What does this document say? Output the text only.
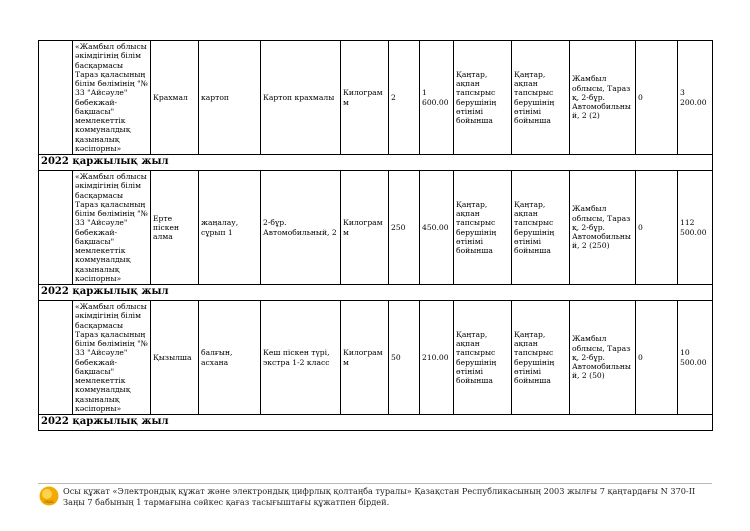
	«Жамбыл облысы әкімдігінің білім басқармасы Тараз қаласының білім бөлімінің "№ 33 "Айсәуле" бөбекжай-бақшасы" мемлекеттік коммуналдық қазыналық кәсіпорны»	Крахмал	картоп	Картоп крахмалы	Килограмм	2	1 600.00	Қаңтар, ақпан тапсырыс берушінің өтінімі бойынша	Қаңтар, ақпан тапсырыс берушінің өтінімі бойынша	Жамбыл облысы, Тараз қ, 2-бұр. Автомобильный, 2 (2)	0	3 200.00
2022 қаржылық жыл												
	«Жамбыл облысы әкімдігінің білім басқармасы Тараз қаласының білім бөлімінің "№ 33 "Айсәуле" бөбекжай-бақшасы" мемлекеттік коммуналдық қазыналық кәсіпорны»	Ерте піскен алма	жаңалау, сұрып 1	2-бұр. Автомобильный, 2	Килограмм	250	450.00	Қаңтар, ақпан тапсырыс берушінің өтінімі бойынша	Қаңтар, ақпан тапсырыс берушінің өтінімі бойынша	Жамбыл облысы, Тараз қ, 2-бұр. Автомобильный, 2 (250)	0	112 500.00
2022 қаржылық жыл												
	«Жамбыл облысы әкімдігінің білім басқармасы Тараз қаласының білім бөлімінің "№ 33 "Айсәуле" бөбекжай-бақшасы" мемлекеттік коммуналдық қазыналық кәсіпорны»	Қызылша	балғын, асхана	Кеш піскен түрі, экстра 1-2 класс	Килограмм	50	210.00	Қаңтар, ақпан тапсырыс берушінің өтінімі бойынша	Қаңтар, ақпан тапсырыс берушінің өтінімі бойынша	Жамбыл облысы, Тараз қ, 2-бұр. Автомобильный, 2 (50)	0	10 500.00
2022 қаржылық жыл												
ЭҚАБ
Осы құжат «Электрондық құжат және электрондық цифрлық қолтаңба туралы» Қазақстан Республикасының 2003 жылғы 7 қаңтардағы N 370-II Заңы 7 бабының 1 тармағына сәйкес қағаз тасығыштағы құжатпен бірдей.
